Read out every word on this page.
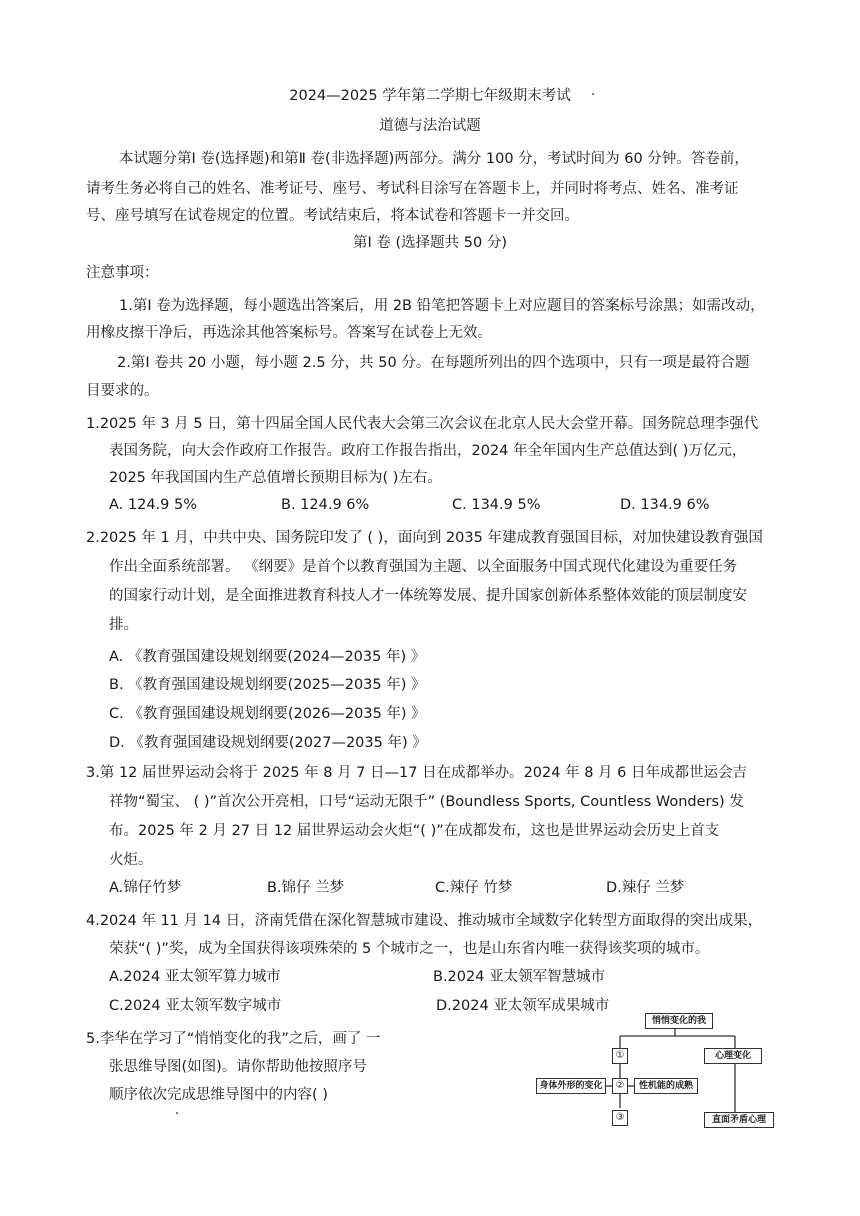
2024—2025 学年第二学期七年级期末考试
道德与法治试题
本试题分第Ⅰ 卷(选择题)和第Ⅱ 卷(非选择题)两部分。满分 100 分，考试时间为 60 分钟。答卷前，
请考生务必将自己的姓名、准考证号、座号、考试科目涂写在答题卡上，并同时将考点、姓名、准考证
号、座号填写在试卷规定的位置。考试结束后，将本试卷和答题卡一并交回。
第Ⅰ 卷 (选择题共 50 分)
注意事项：
1.第Ⅰ 卷为选择题，每小题选出答案后，用 2B 铅笔把答题卡上对应题目的答案标号涂黑；如需改动，
用橡皮擦干净后，再选涂其他答案标号。答案写在试卷上无效。
2.第Ⅰ 卷共 20 小题，每小题 2.5 分，共 50 分。在每题所列出的四个选项中，只有一项是最符合题
目要求的。
1.2025 年 3 月 5 日，第十四届全国人民代表大会第三次会议在北京人民大会堂开幕。国务院总理李强代
表国务院，向大会作政府工作报告。政府工作报告指出，2024 年全年国内生产总值达到( )万亿元，
2025 年我国国内生产总值增长预期目标为( )左右。
A. 124.9 5%	B. 124.9 6%	C. 134.9 5%	D. 134.9 6%
2.2025 年 1 月，中共中央、国务院印发了 ( )，面向到 2035 年建成教育强国目标，对加快建设教育强国
作出全面系统部署。 《纲要》是首个以教育强国为主题、以全面服务中国式现代化建设为重要任务
的国家行动计划，是全面推进教育科技人才一体统筹发展、提升国家创新体系整体效能的顶层制度安
排。
A. 《教育强国建设规划纲要(2024—2035 年) 》
B. 《教育强国建设规划纲要(2025—2035 年) 》
C. 《教育强国建设规划纲要(2026—2035 年) 》
D. 《教育强国建设规划纲要(2027—2035 年) 》
3.第 12 届世界运动会将于 2025 年 8 月 7 日—17 日在成都举办。2024 年 8 月 6 日年成都世运会吉
祥物“蜀宝、 ( )”首次公开亮相，口号“运动无限千” (Boundless Sports, Countless Wonders) 发
布。2025 年 2 月 27 日 12 届世界运动会火炬“( )”在成都发布，这也是世界运动会历史上首支
火炬。
A.锦仔竹梦	B.锦仔 兰梦	C.辣仔 竹梦	D.辣仔 兰梦
4.2024 年 11 月 14 日，济南凭借在深化智慧城市建设、推动城市全域数字化转型方面取得的突出成果，
荣获“( )”奖，成为全国获得该项殊荣的 5 个城市之一，也是山东省内唯一获得该奖项的城市。
A.2024 亚太领军算力城市	B.2024 亚太领军智慧城市
C.2024 亚太领军数字城市	D.2024 亚太领军成果城市
5.李华在学习了“悄悄变化的我”之后，画了 一
张思维导图(如图)。请你帮助他按照序号
顺序依次完成思维导图中的内容( )
悄悄变化的我
①	心理变化
身体外形的变化	②	性机能的成熟
③	直面矛盾心理
